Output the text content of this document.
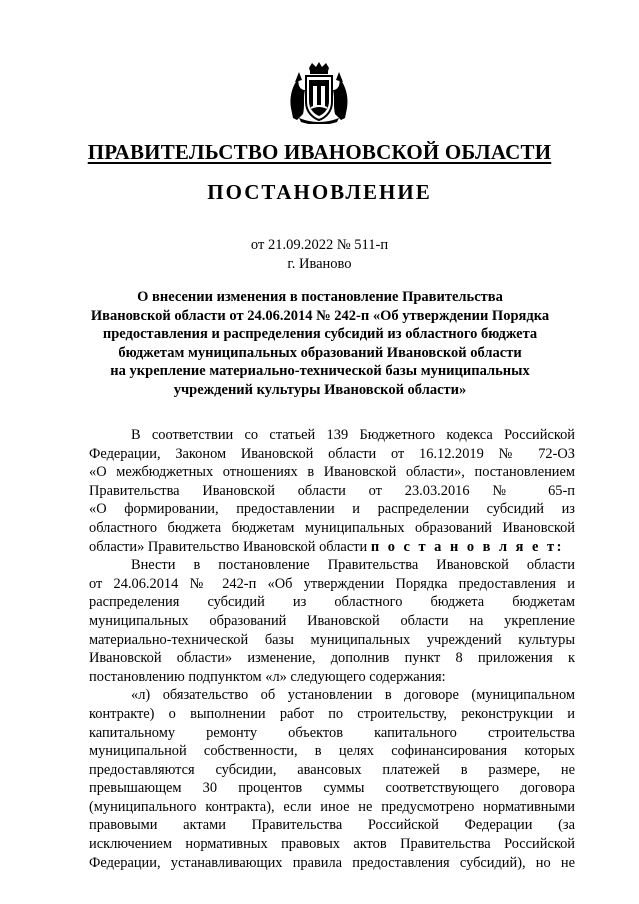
ПРАВИТЕЛЬСТВО ИВАНОВСКОЙ ОБЛАСТИ
ПОСТАНОВЛЕНИЕ
от 21.09.2022 № 511-п
г. Иваново
О внесении изменения в постановление Правительства
Ивановской области от 24.06.2014 № 242-п «Об утверждении Порядка
предоставления и распределения субсидий из областного бюджета
бюджетам муниципальных образований Ивановской области
на укрепление материально-технической базы муниципальных
учреждений культуры Ивановской области»
В соответствии со статьей 139 Бюджетного кодекса Российской
Федерации, Законом Ивановской области от 16.12.2019 № 72-ОЗ
«О межбюджетных отношениях в Ивановской области», постановлением
Правительства Ивановской области от 23.03.2016 № 65-п
«О формировании, предоставлении и распределении субсидий из
областного бюджета бюджетам муниципальных образований Ивановской
области» Правительство Ивановской области п о с т а н о в л я е т:
Внести в постановление Правительства Ивановской области
от 24.06.2014 № 242-п «Об утверждении Порядка предоставления и
распределения субсидий из областного бюджета бюджетам
муниципальных образований Ивановской области на укрепление
материально-технической базы муниципальных учреждений культуры
Ивановской области» изменение, дополнив пункт 8 приложения к
постановлению подпунктом «л» следующего содержания:
«л) обязательство об установлении в договоре (муниципальном
контракте) о выполнении работ по строительству, реконструкции и
капитальному ремонту объектов капитального строительства
муниципальной собственности, в целях софинансирования которых
предоставляются субсидии, авансовых платежей в размере, не
превышающем 30 процентов суммы соответствующего договора
(муниципального контракта), если иное не предусмотрено нормативными
правовыми актами Правительства Российской Федерации (за
исключением нормативных правовых актов Правительства Российской
Федерации, устанавливающих правила предоставления субсидий), но не
